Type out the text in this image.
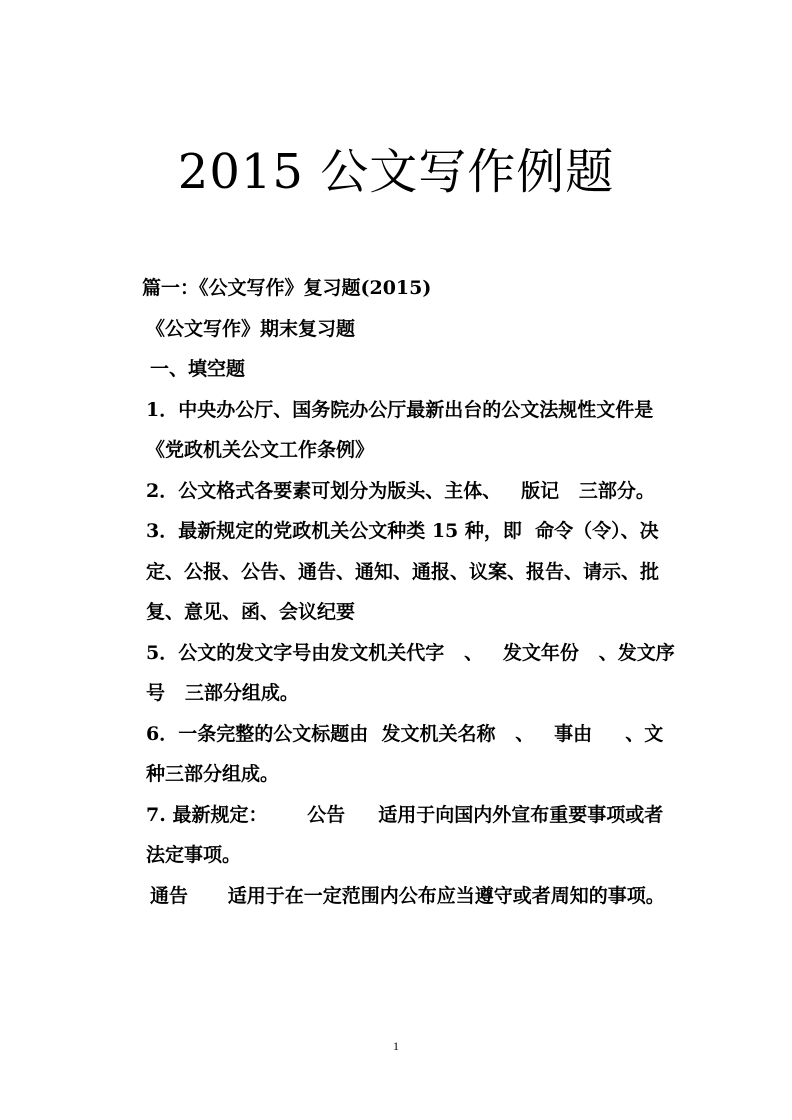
2015 公文写作例题

篇一：《公文写作》复习题(2015)

《公文写作》期末复习题

一、填空题

1．中央办公厅、国务院办公厅最新出台的公文法规性文件是《党政机关公文工作条例》

2．公文格式各要素可划分为版头、主体、   版记   三部分。

3．最新规定的党政机关公文种类 15 种，即  命令（令）、决定、公报、公告、通告、通知、通报、议案、报告、请示、批复、意见、函、会议纪要

5．公文的发文字号由发文机关代字   、   发文年份   、发文序号   三部分组成。

6．一条完整的公文标题由  发文机关名称   、   事由     、文种三部分组成。

7. 最新规定：      公告     适用于向国内外宣布重要事项或者法定事项。

通告      适用于在一定范围内公布应当遵守或者周知的事项。

1
